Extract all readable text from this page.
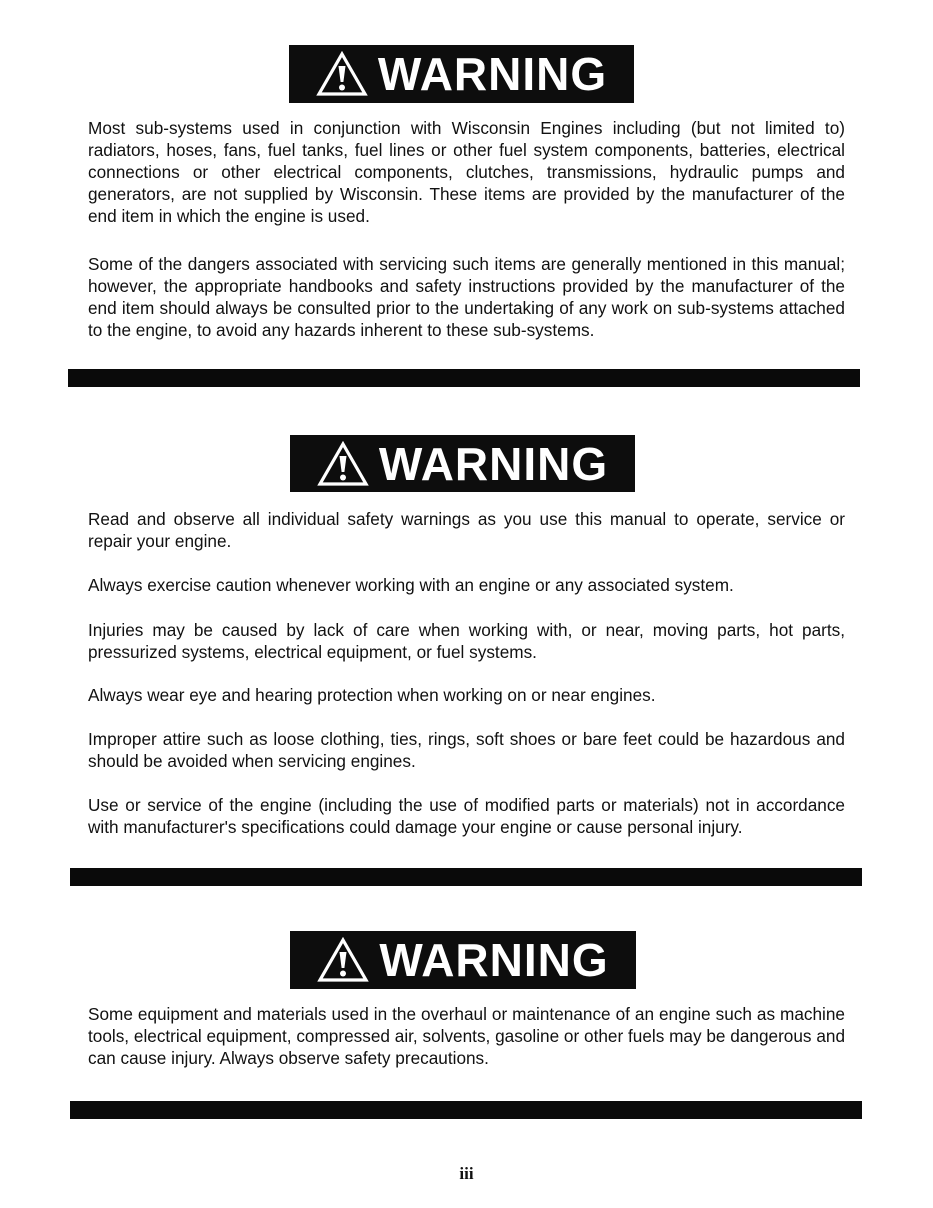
WARNING

Most sub-systems used in conjunction with Wisconsin Engines including (but not limited to) radiators, hoses, fans, fuel tanks, fuel lines or other fuel system components, batteries, electrical connections or other electrical components, clutches, transmissions, hydraulic pumps and generators, are not supplied by Wisconsin. These items are provided by the manufacturer of the end item in which the engine is used.

Some of the dangers associated with servicing such items are generally mentioned in this manual; however, the appropriate handbooks and safety instructions provided by the manufacturer of the end item should always be consulted prior to the undertaking of any work on sub-systems attached to the engine, to avoid any hazards inherent to these sub-systems.

WARNING

Read and observe all individual safety warnings as you use this manual to operate, service or repair your engine.

Always exercise caution whenever working with an engine or any associated system.

Injuries may be caused by lack of care when working with, or near, moving parts, hot parts, pressurized systems, electrical equipment, or fuel systems.

Always wear eye and hearing protection when working on or near engines.

Improper attire such as loose clothing, ties, rings, soft shoes or bare feet could be hazardous and should be avoided when servicing engines.

Use or service of the engine (including the use of modified parts or materials) not in accordance with manufacturer's specifications could damage your engine or cause personal injury.

WARNING

Some equipment and materials used in the overhaul or maintenance of an engine such as machine tools, electrical equipment, compressed air, solvents, gasoline or other fuels may be dangerous and can cause injury. Always observe safety precautions.

iii
